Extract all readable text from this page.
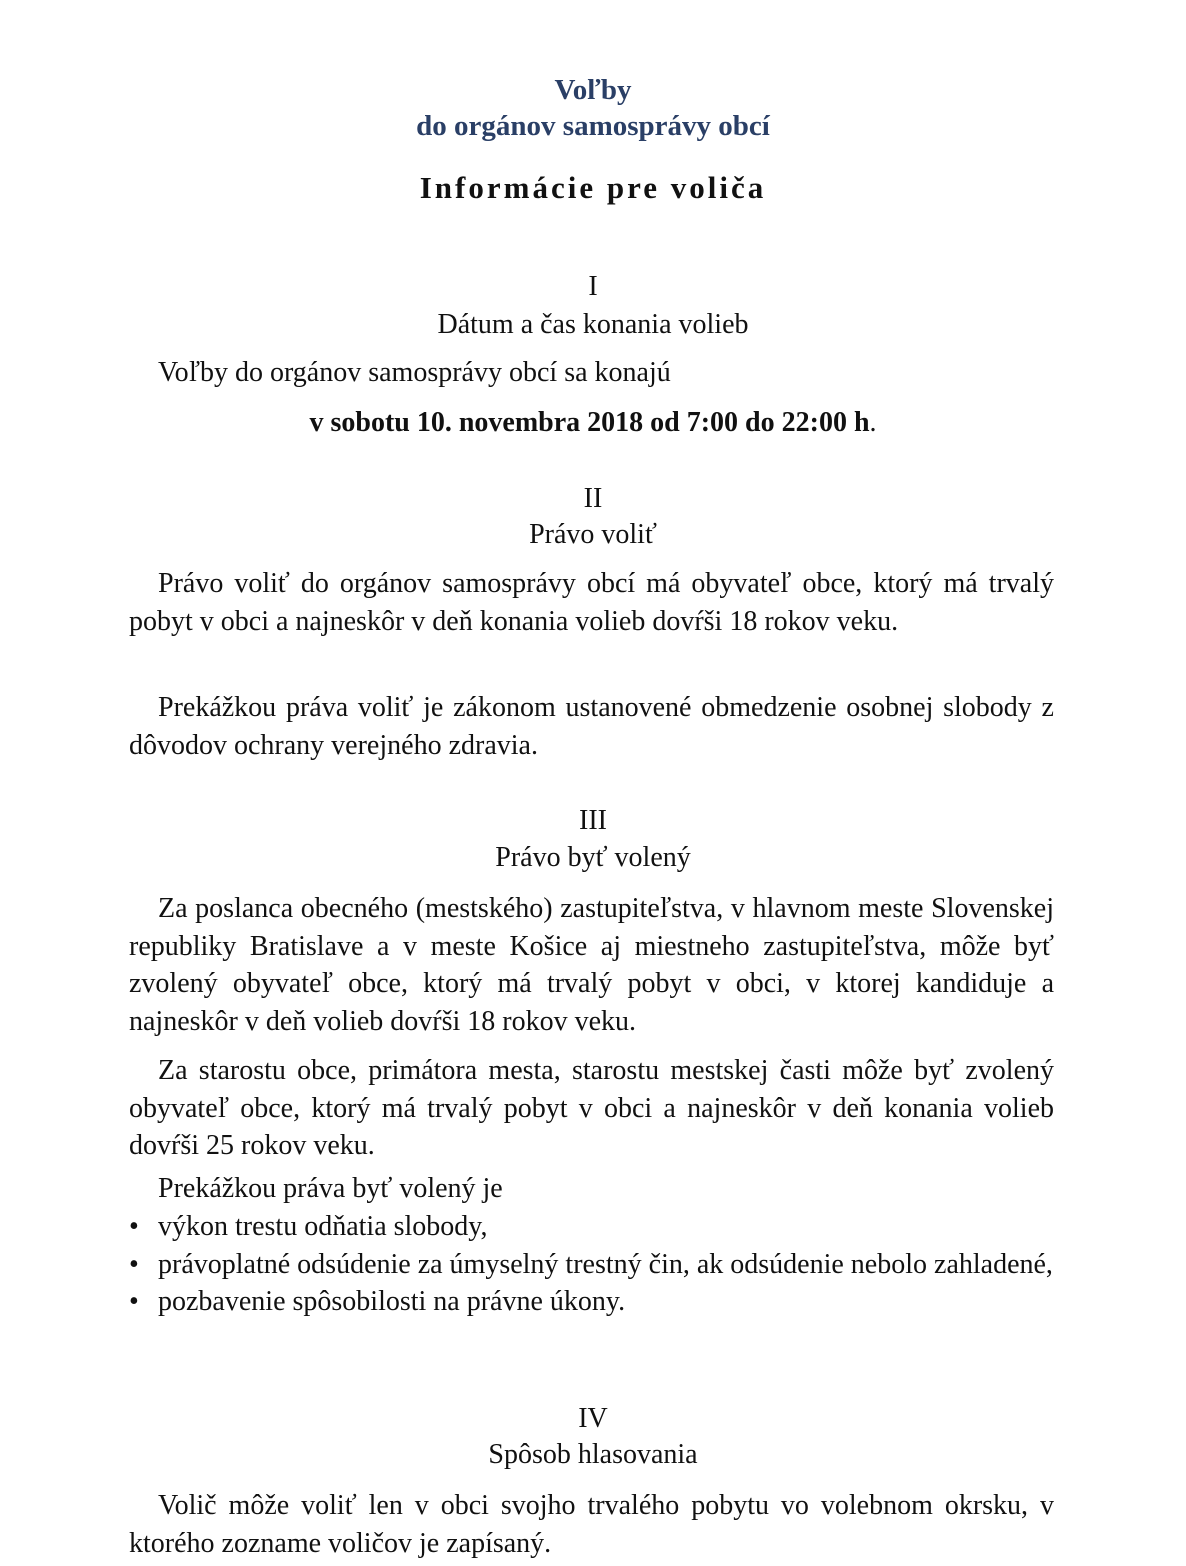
Voľby

do orgánov samosprávy obcí

Informácie pre voliča

I

Dátum a čas konania volieb

Voľby do orgánov samosprávy obcí sa konajú

v sobotu 10. novembra 2018 od 7:00 do 22:00 h.

II

Právo voliť

Právo voliť do orgánov samosprávy obcí má obyvateľ obce, ktorý má trvalý pobyt v obci a najneskôr v deň konania volieb dovŕši 18 rokov veku.

Prekážkou práva voliť je zákonom ustanovené obmedzenie osobnej slobody z dôvodov ochrany verejného zdravia.

III

Právo byť volený

Za poslanca obecného (mestského) zastupiteľstva, v hlavnom meste Slovenskej republiky Bratislave a v meste Košice aj miestneho zastupiteľstva, môže byť zvolený obyvateľ obce, ktorý má trvalý pobyt v obci, v ktorej kandiduje a najneskôr v deň volieb dovŕši 18 rokov veku.

Za starostu obce, primátora mesta, starostu mestskej časti môže byť zvolený obyvateľ obce, ktorý má trvalý pobyt v obci a najneskôr v deň konania volieb dovŕši 25 rokov veku.

Prekážkou práva byť volený je

• výkon trestu odňatia slobody,
• právoplatné odsúdenie za úmyselný trestný čin, ak odsúdenie nebolo zahladené,
• pozbavenie spôsobilosti na právne úkony.

IV

Spôsob hlasovania

Volič môže voliť len v obci svojho trvalého pobytu vo volebnom okrsku, v ktorého zozname voličov je zapísaný.
